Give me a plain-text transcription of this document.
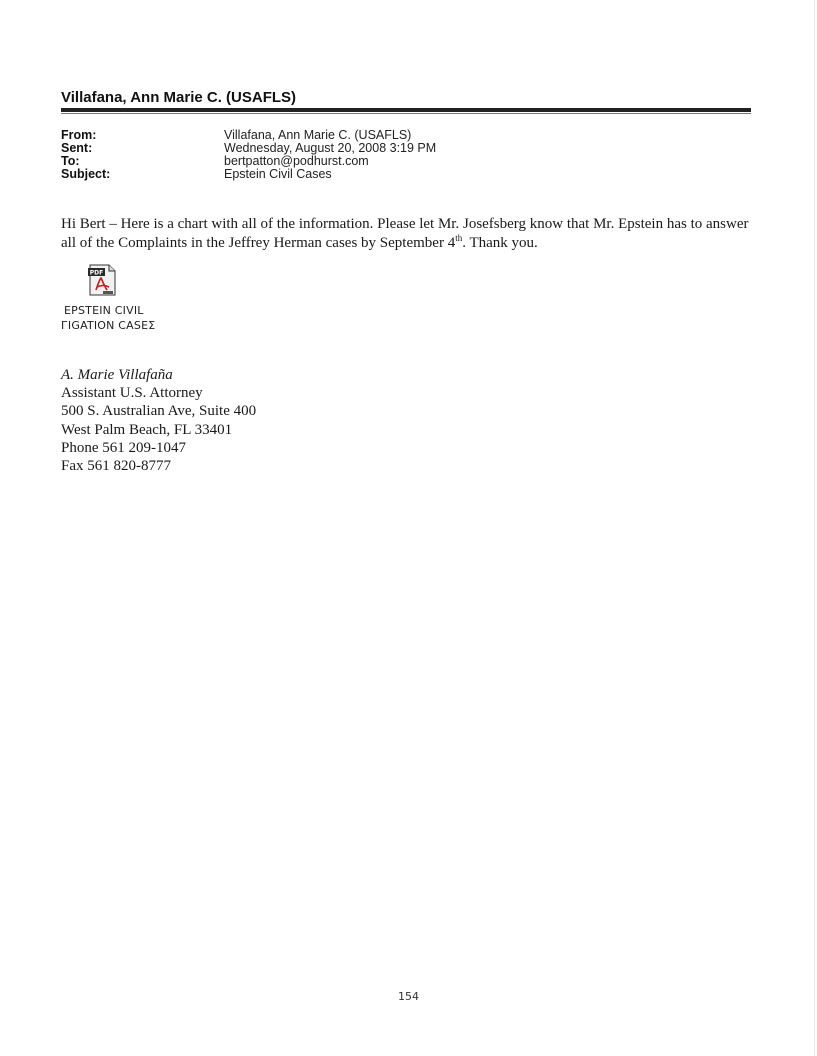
Villafana, Ann Marie C. (USAFLS)
From:	Villafana, Ann Marie C. (USAFLS)
Sent:	Wednesday, August 20, 2008 3:19 PM
To:	bertpatton@podhurst.com
Subject:	Epstein Civil Cases
Hi Bert – Here is a chart with all of the information. Please let Mr. Josefsberg know that Mr. Epstein has to answer all of the Complaints in the Jeffrey Herman cases by September 4th. Thank you.
PDF
EPSTEIN CIVIL
ГIGATION CASEΣ
A. Marie Villafaña
Assistant U.S. Attorney
500 S. Australian Ave, Suite 400
West Palm Beach, FL 33401
Phone 561 209-1047
Fax 561 820-8777
154
